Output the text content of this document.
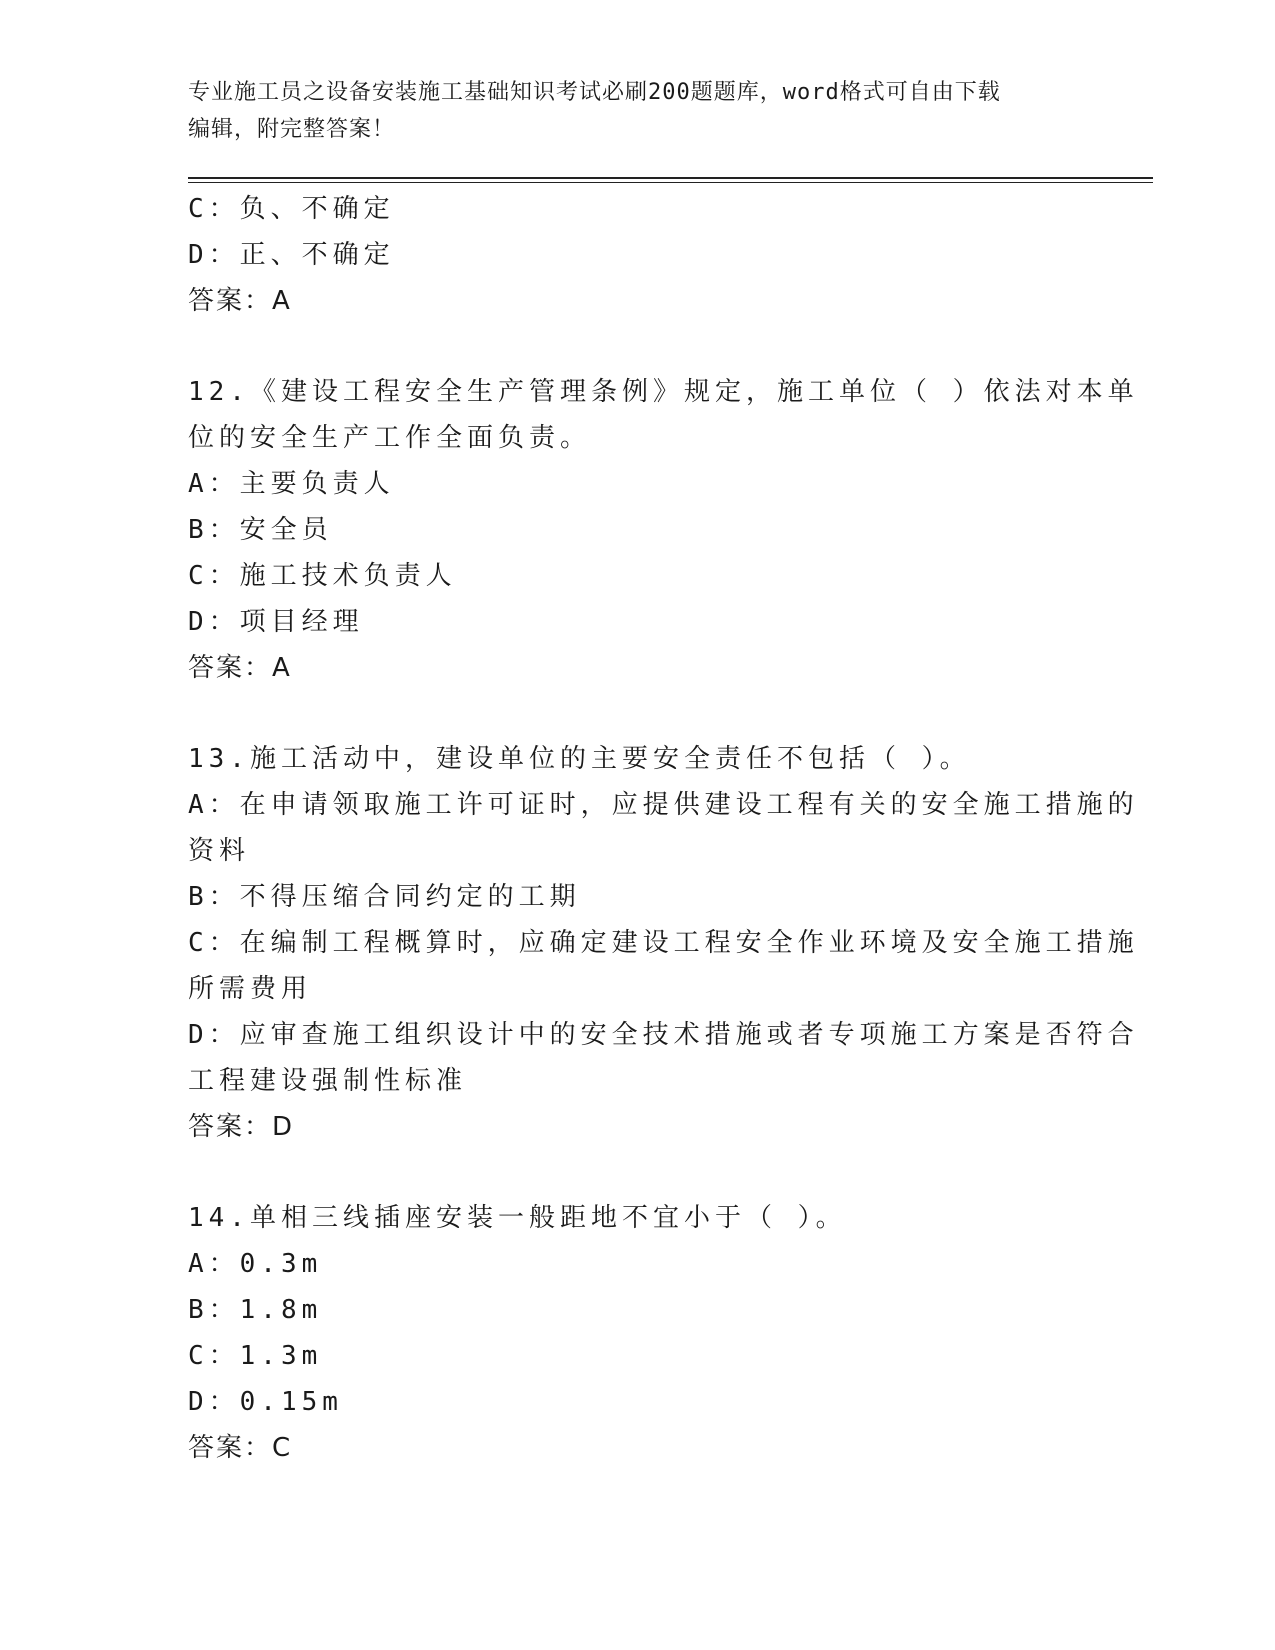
专业施工员之设备安装施工基础知识考试必刷200题题库，word格式可自由下载
编辑，附完整答案！
C：负、不确定
D：正、不确定
答案：A
12.《建设工程安全生产管理条例》规定，施工单位（ ）依法对本单
位的安全生产工作全面负责。
A：主要负责人
B：安全员
C：施工技术负责人
D：项目经理
答案：A
13.施工活动中，建设单位的主要安全责任不包括（ ）。
A：在申请领取施工许可证时，应提供建设工程有关的安全施工措施的
资料
B：不得压缩合同约定的工期
C：在编制工程概算时，应确定建设工程安全作业环境及安全施工措施
所需费用
D：应审查施工组织设计中的安全技术措施或者专项施工方案是否符合
工程建设强制性标准
答案：D
14.单相三线插座安装一般距地不宜小于（ ）。
A：0.3m
B：1.8m
C：1.3m
D：0.15m
答案：C
